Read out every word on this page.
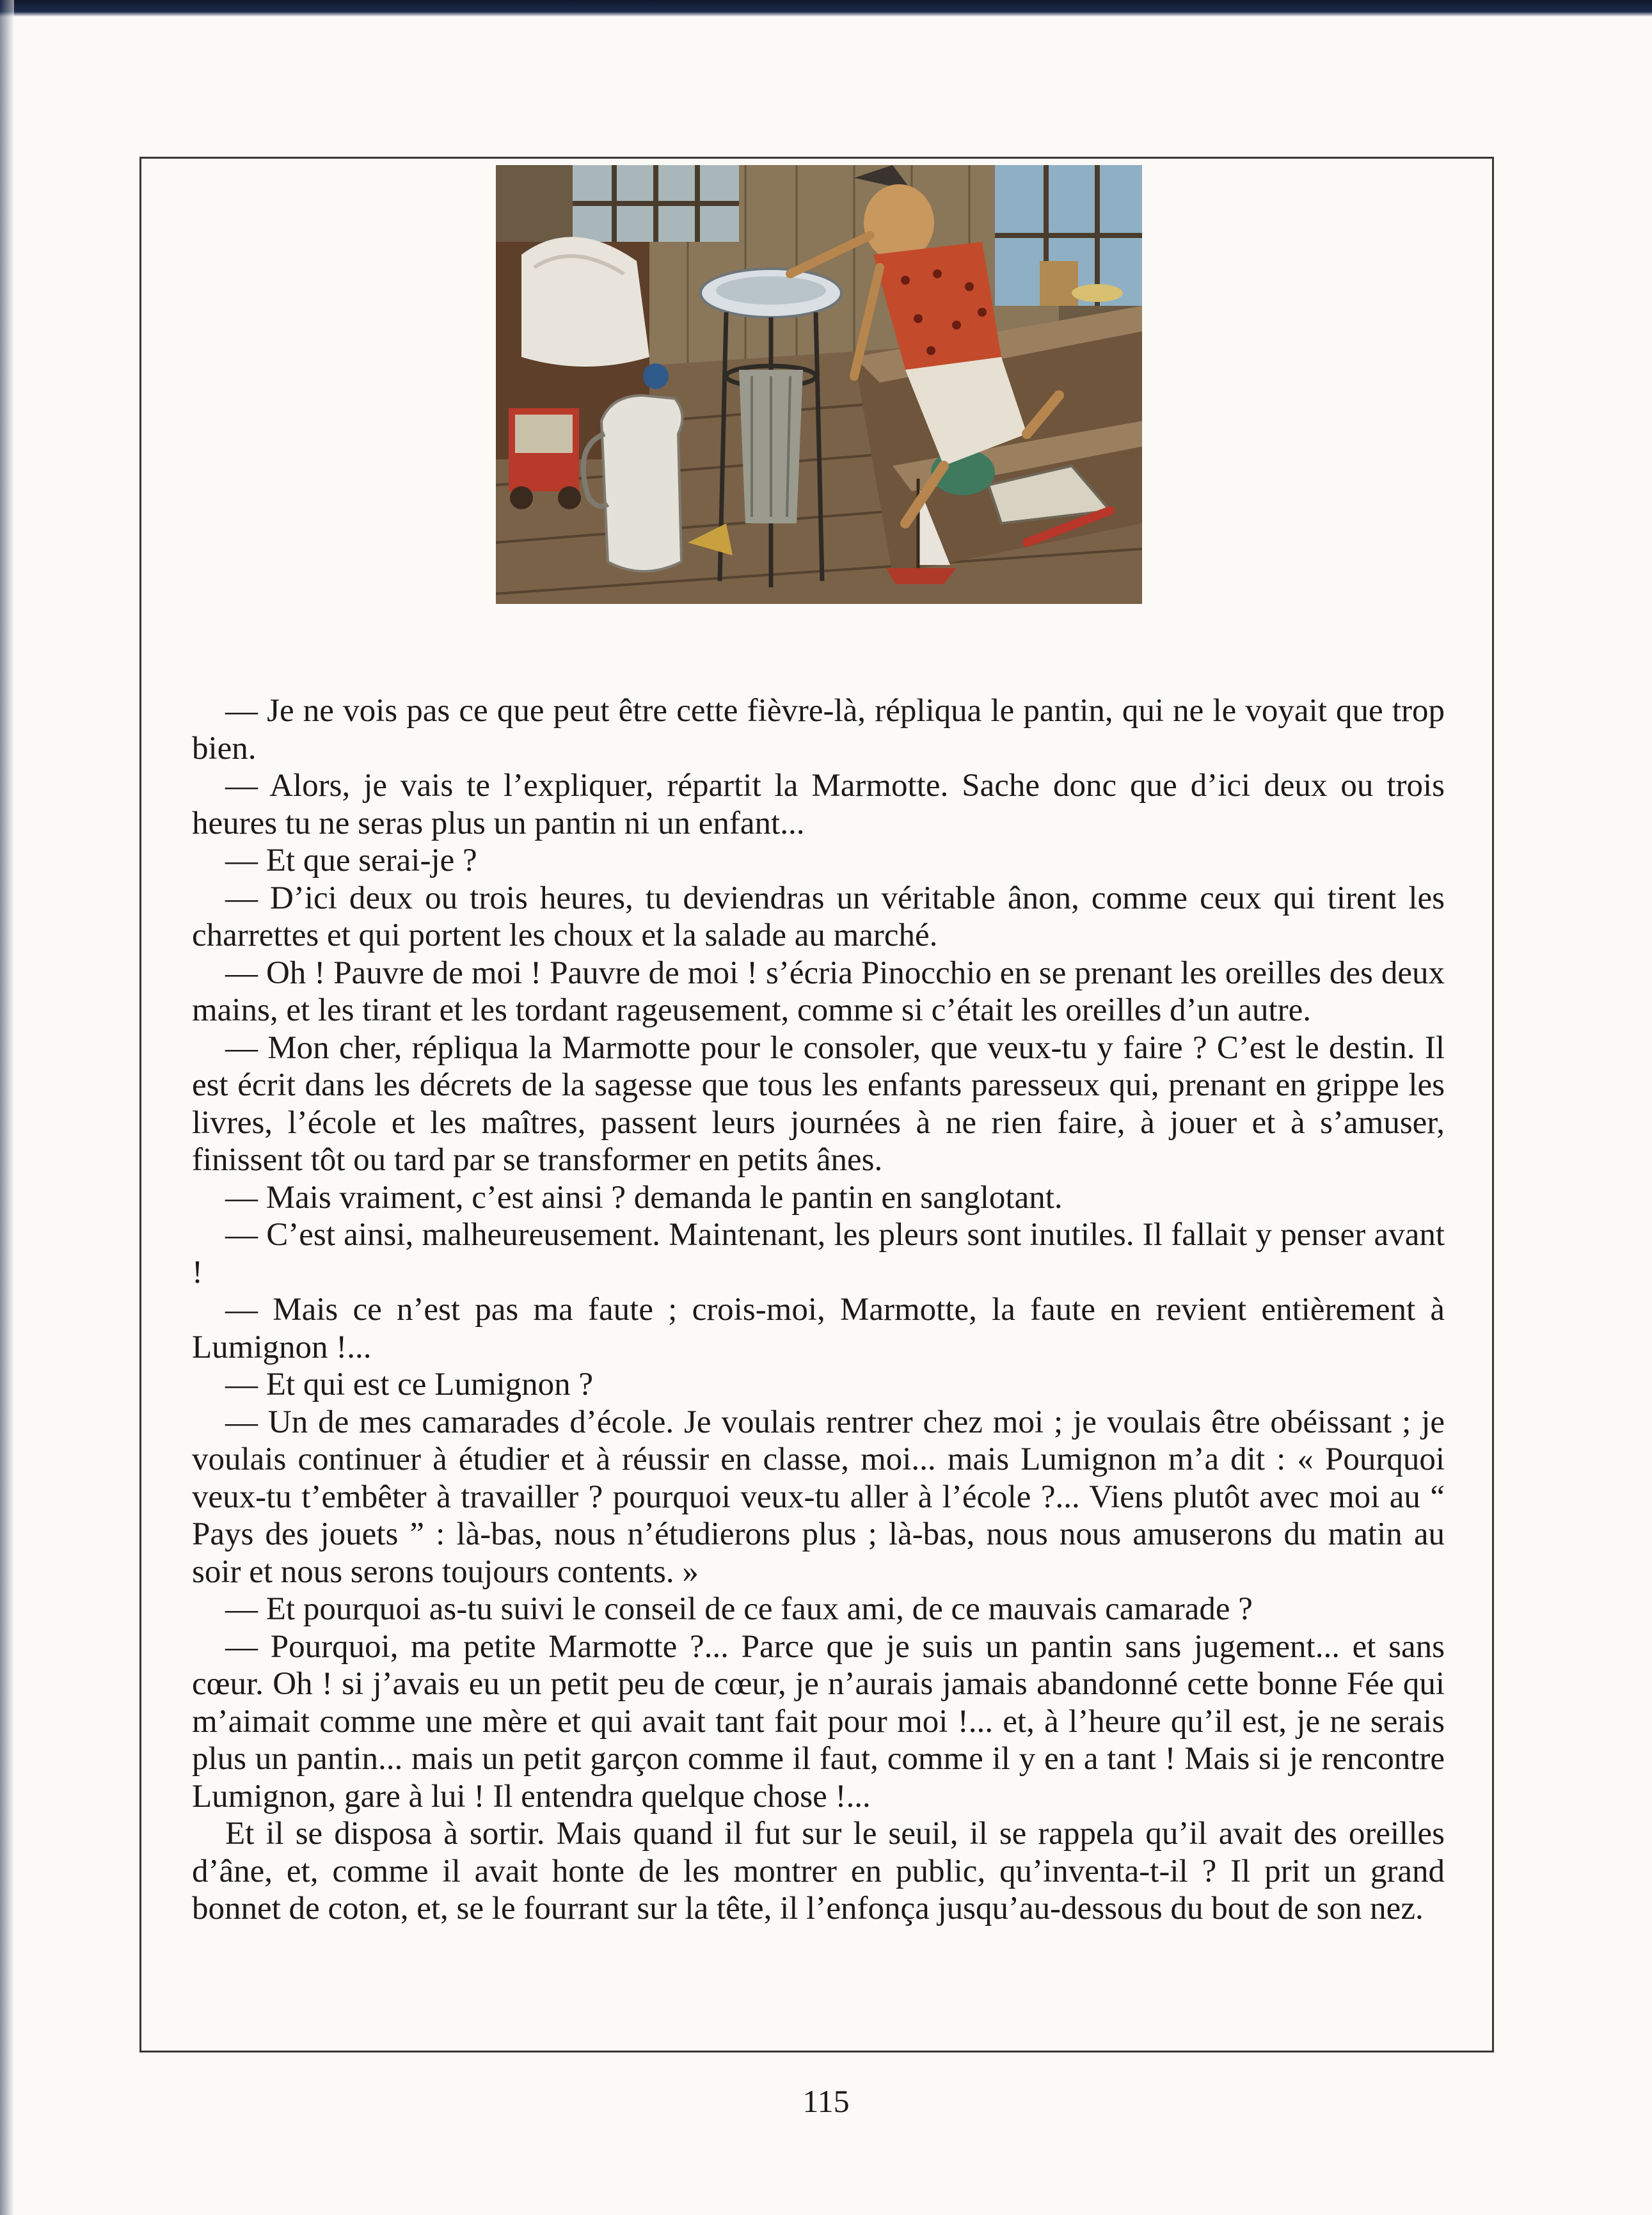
— Je ne vois pas ce que peut être cette fièvre-là, répliqua le pantin, qui ne le voyait que trop bien.

— Alors, je vais te l’expliquer, répartit la Marmotte. Sache donc que d’ici deux ou trois heures tu ne seras plus un pantin ni un enfant...

— Et que serai-je ?

— D’ici deux ou trois heures, tu deviendras un véritable ânon, comme ceux qui tirent les charrettes et qui portent les choux et la salade au marché.

— Oh ! Pauvre de moi ! Pauvre de moi ! s’écria Pinocchio en se prenant les oreilles des deux mains, et les tirant et les tordant rageusement, comme si c’était les oreilles d’un autre.

— Mon cher, répliqua la Marmotte pour le consoler, que veux-tu y faire ? C’est le destin. Il est écrit dans les décrets de la sagesse que tous les enfants paresseux qui, prenant en grippe les livres, l’école et les maîtres, passent leurs journées à ne rien faire, à jouer et à s’amuser, finissent tôt ou tard par se transformer en petits ânes.

— Mais vraiment, c’est ainsi ? demanda le pantin en sanglotant.

— C’est ainsi, malheureusement. Maintenant, les pleurs sont inutiles. Il fallait y penser avant !

— Mais ce n’est pas ma faute ; crois-moi, Marmotte, la faute en revient entièrement à Lumignon !...

— Et qui est ce Lumignon ?

— Un de mes camarades d’école. Je voulais rentrer chez moi ; je voulais être obéissant ; je voulais continuer à étudier et à réussir en classe, moi... mais Lumignon m’a dit : « Pourquoi veux-tu t’embêter à travailler ? pourquoi veux-tu aller à l’école ?... Viens plutôt avec moi au “ Pays des jouets ” : là-bas, nous n’étudierons plus ; là-bas, nous nous amuserons du matin au soir et nous serons toujours contents. »

— Et pourquoi as-tu suivi le conseil de ce faux ami, de ce mauvais camarade ?

— Pourquoi, ma petite Marmotte ?... Parce que je suis un pantin sans jugement... et sans cœur. Oh ! si j’avais eu un petit peu de cœur, je n’aurais jamais abandonné cette bonne Fée qui m’aimait comme une mère et qui avait tant fait pour moi !... et, à l’heure qu’il est, je ne serais plus un pantin... mais un petit garçon comme il faut, comme il y en a tant ! Mais si je rencontre Lumignon, gare à lui ! Il entendra quelque chose !...

Et il se disposa à sortir. Mais quand il fut sur le seuil, il se rappela qu’il avait des oreilles d’âne, et, comme il avait honte de les montrer en public, qu’inventa-t-il ? Il prit un grand bonnet de coton, et, se le fourrant sur la tête, il l’enfonça jusqu’au-dessous du bout de son nez.

115
